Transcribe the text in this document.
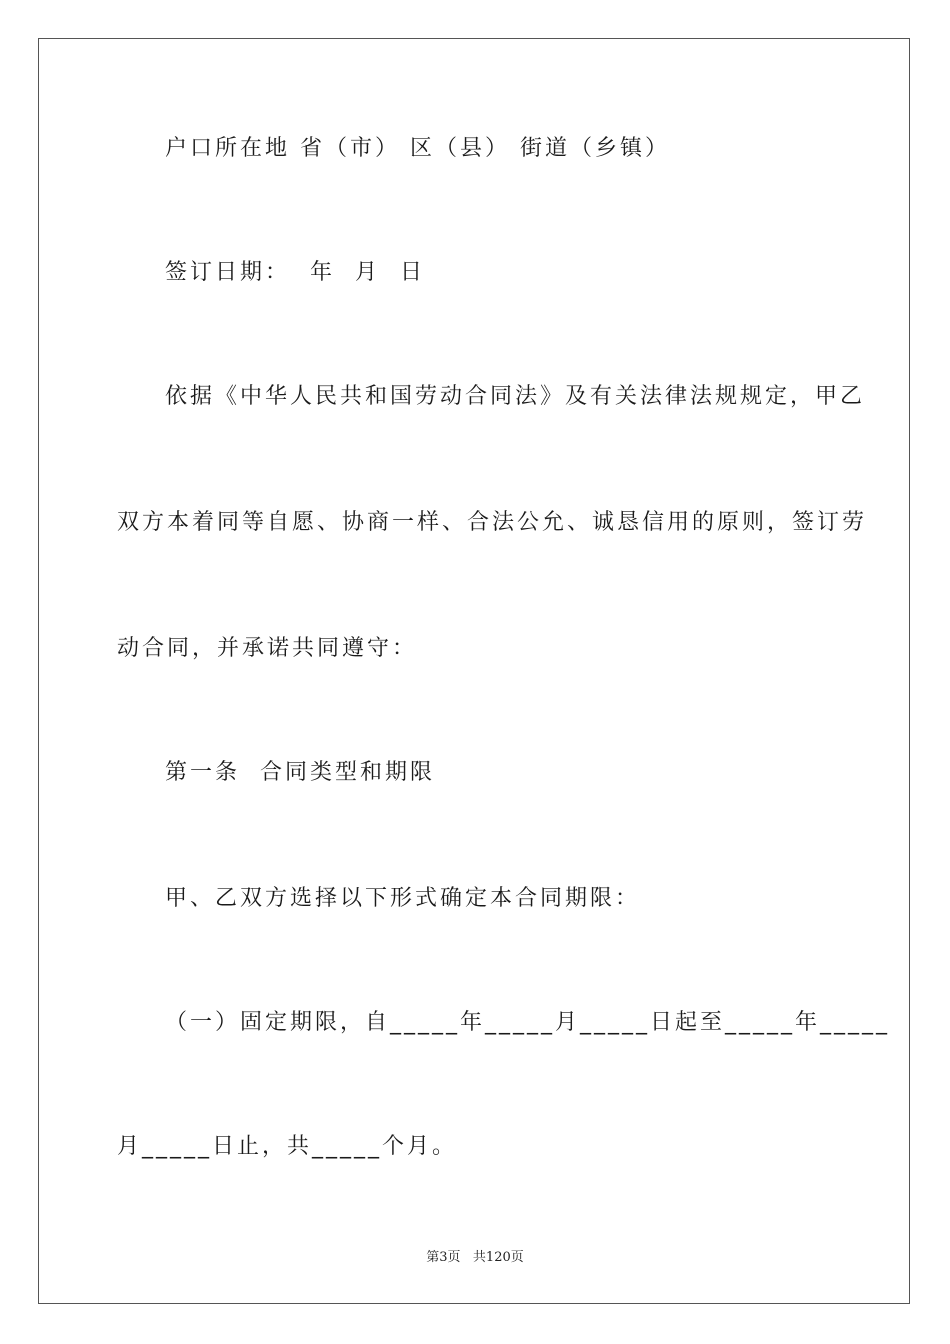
户口所在地 省（市） 区（县） 街道（乡镇）
签订日期：  年  月  日
依据《中华人民共和国劳动合同法》及有关法律法规规定，甲乙
双方本着同等自愿、协商一样、合法公允、诚恳信用的原则，签订劳
动合同，并承诺共同遵守：
第一条  合同类型和期限
甲、乙双方选择以下形式确定本合同期限：
（一）固定期限，自_____年_____月_____日起至_____年_____
月_____日止，共_____个月。
第3页   共120页
